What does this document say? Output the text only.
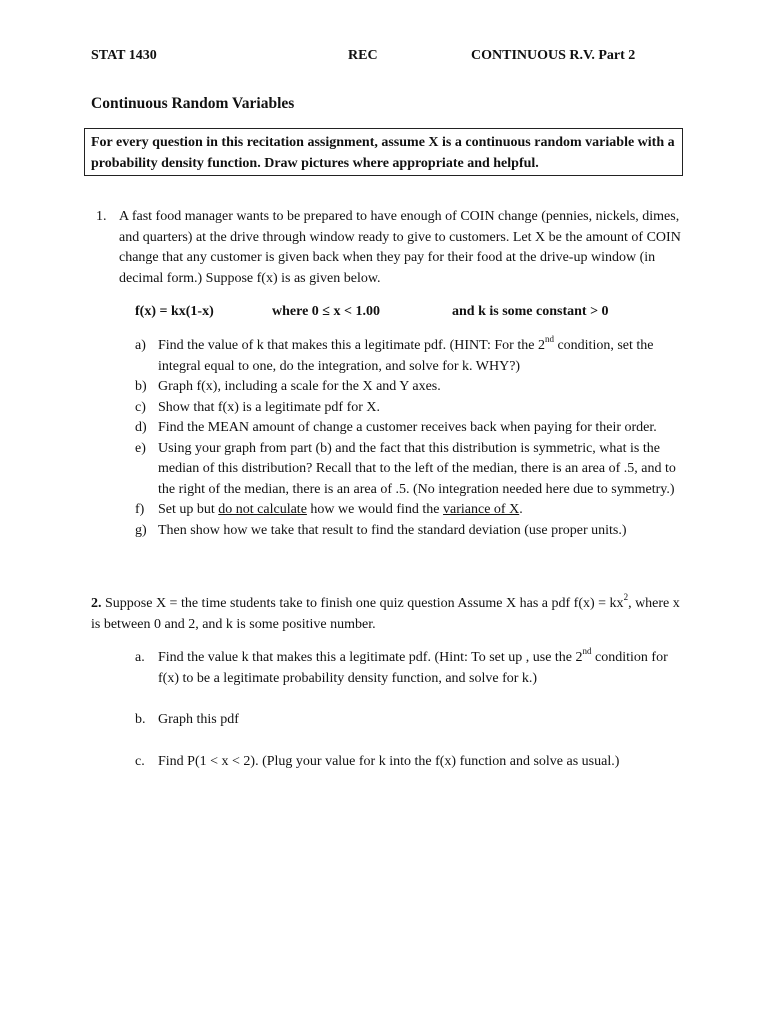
STAT 1430	REC	CONTINUOUS R.V. Part 2
Continuous Random Variables
For every question in this recitation assignment, assume X is a continuous random variable with a probability density function. Draw pictures where appropriate and helpful.
1. A fast food manager wants to be prepared to have enough of COIN change (pennies, nickels, dimes, and quarters) at the drive through window ready to give to customers. Let X be the amount of COIN change that any customer is given back when they pay for their food at the drive-up window (in decimal form.) Suppose f(x) is as given below.
f(x) = kx(1-x)	where 0 ≤ x < 1.00	and k is some constant > 0
a) Find the value of k that makes this a legitimate pdf. (HINT: For the 2nd condition, set the integral equal to one, do the integration, and solve for k. WHY?)
b) Graph f(x), including a scale for the X and Y axes.
c) Show that f(x) is a legitimate pdf for X.
d) Find the MEAN amount of change a customer receives back when paying for their order.
e) Using your graph from part (b) and the fact that this distribution is symmetric, what is the median of this distribution? Recall that to the left of the median, there is an area of .5, and to the right of the median, there is an area of .5. (No integration needed here due to symmetry.)
f) Set up but do not calculate how we would find the variance of X.
g) Then show how we take that result to find the standard deviation (use proper units.)
2. Suppose X = the time students take to finish one quiz question Assume X has a pdf $f(x) = kx^2$, where x is between 0 and 2, and k is some positive number.
a. Find the value k that makes this a legitimate pdf. (Hint: To set up , use the 2nd condition for f(x) to be a legitimate probability density function, and solve for k.)
b. Graph this pdf
c. Find P(1 < x < 2). (Plug your value for k into the f(x) function and solve as usual.)
